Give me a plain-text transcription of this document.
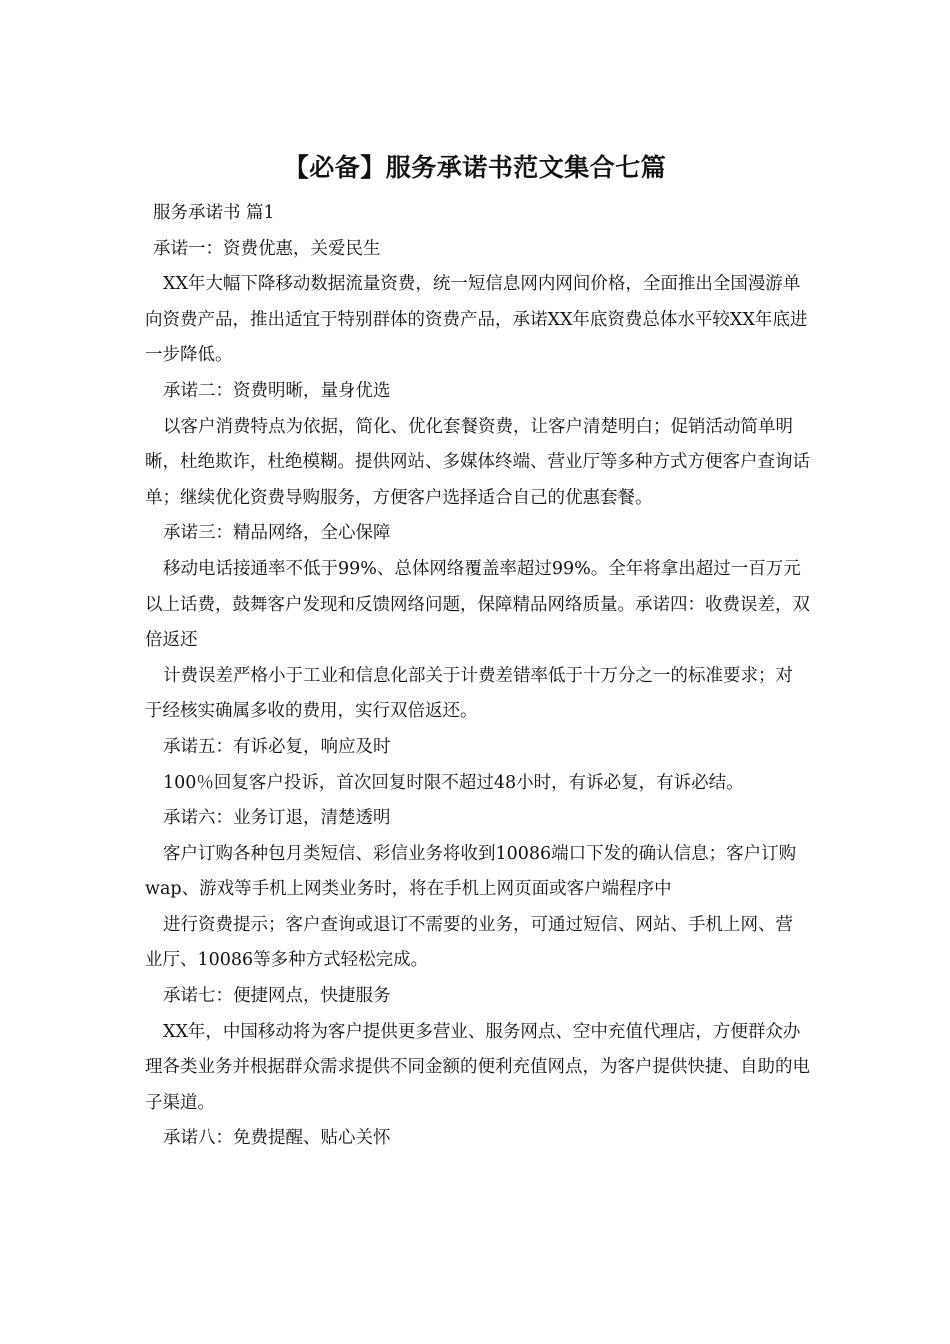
【必备】服务承诺书范文集合七篇

服务承诺书 篇1

承诺一：资费优惠，关爱民生

XX年大幅下降移动数据流量资费，统一短信息网内网间价格，全面推出全国漫游单向资费产品，推出适宜于特别群体的资费产品，承诺XX年底资费总体水平较XX年底进一步降低。

承诺二：资费明晰，量身优选

以客户消费特点为依据，简化、优化套餐资费，让客户清楚明白；促销活动简单明晰，杜绝欺诈，杜绝模糊。提供网站、多媒体终端、营业厅等多种方式方便客户查询话单；继续优化资费导购服务，方便客户选择适合自己的优惠套餐。

承诺三：精品网络，全心保障

移动电话接通率不低于99%、总体网络覆盖率超过99%。全年将拿出超过一百万元以上话费，鼓舞客户发现和反馈网络问题，保障精品网络质量。承诺四：收费误差，双倍返还

计费误差严格小于工业和信息化部关于计费差错率低于十万分之一的标准要求；对于经核实确属多收的费用，实行双倍返还。

承诺五：有诉必复，响应及时

100％回复客户投诉，首次回复时限不超过48小时，有诉必复，有诉必结。

承诺六：业务订退，清楚透明

客户订购各种包月类短信、彩信业务将收到10086端口下发的确认信息；客户订购wap、游戏等手机上网类业务时，将在手机上网页面或客户端程序中

进行资费提示；客户查询或退订不需要的业务，可通过短信、网站、手机上网、营业厅、10086等多种方式轻松完成。

承诺七：便捷网点，快捷服务

XX年，中国移动将为客户提供更多营业、服务网点、空中充值代理店，方便群众办理各类业务并根据群众需求提供不同金额的便利充值网点，为客户提供快捷、自助的电子渠道。

承诺八：免费提醒、贴心关怀
